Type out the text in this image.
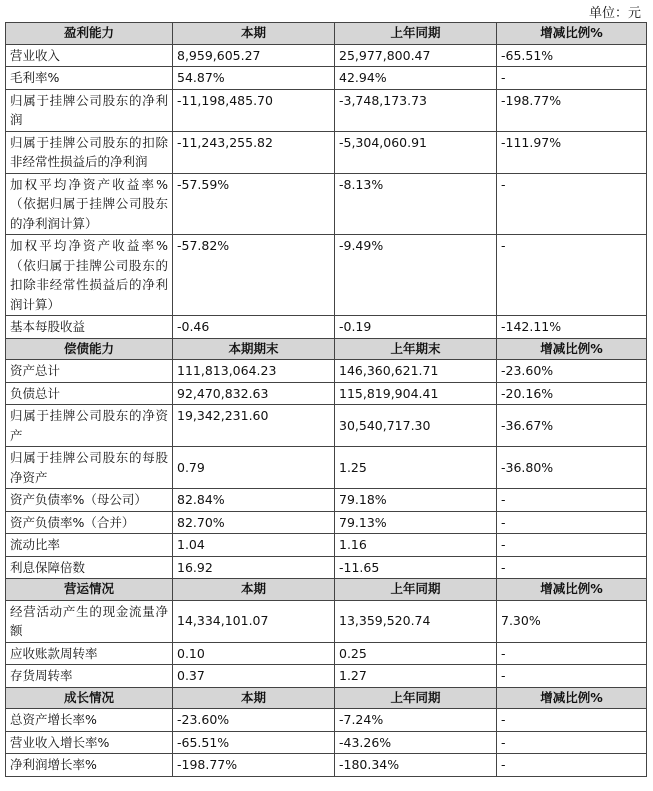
单位：元
盈利能力	本期	上年同期	增减比例%
营业收入	8,959,605.27	25,977,800.47	-65.51%
毛利率%	54.87%	42.94%	-
归属于挂牌公司股东的净利润	-11,198,485.70	-3,748,173.73	-198.77%
归属于挂牌公司股东的扣除非经常性损益后的净利润	-11,243,255.82	-5,304,060.91	-111.97%
加权平均净资产收益率%（依据归属于挂牌公司股东的净利润计算）	-57.59%	-8.13%	-
加权平均净资产收益率%（依归属于挂牌公司股东的扣除非经常性损益后的净利润计算）	-57.82%	-9.49%	-
基本每股收益	-0.46	-0.19	-142.11%
偿债能力	本期期末	上年期末	增减比例%
资产总计	111,813,064.23	146,360,621.71	-23.60%
负债总计	92,470,832.63	115,819,904.41	-20.16%
归属于挂牌公司股东的净资产	19,342,231.60	30,540,717.30	-36.67%
归属于挂牌公司股东的每股净资产	0.79	1.25	-36.80%
资产负债率%（母公司）	82.84%	79.18%	-
资产负债率%（合并）	82.70%	79.13%	-
流动比率	1.04	1.16	-
利息保障倍数	16.92	-11.65	-
营运情况	本期	上年同期	增减比例%
经营活动产生的现金流量净额	14,334,101.07	13,359,520.74	7.30%
应收账款周转率	0.10	0.25	-
存货周转率	0.37	1.27	-
成长情况	本期	上年同期	增减比例%
总资产增长率%	-23.60%	-7.24%	-
营业收入增长率%	-65.51%	-43.26%	-
净利润增长率%	-198.77%	-180.34%	-
